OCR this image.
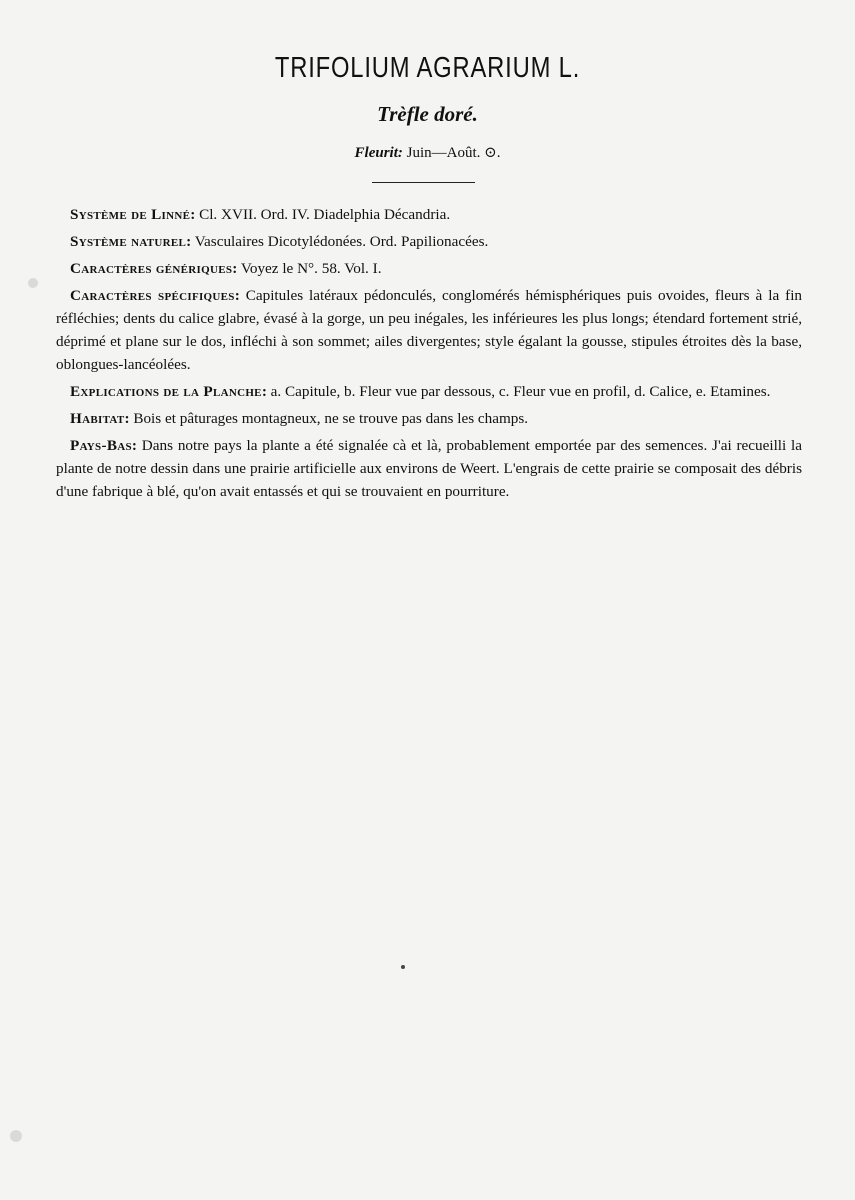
TRIFOLIUM AGRARIUM L.
Trèfle doré.
Fleurit: Juin—Août. ⊙.

Système de Linné: Cl. XVII. Ord. IV. Diadelphia Décandria.

Système naturel: Vasculaires Dicotylédonées. Ord. Papilionacées.

Caractères génériques: Voyez le N°. 58. Vol. I.

Caractères spécifiques: Capitules latéraux pédonculés, conglomérés hémisphériques puis ovoides, fleurs à la fin réfléchies; dents du calice glabre, évasé à la gorge, un peu inégales, les inférieures les plus longs; étendard fortement strié, déprimé et plane sur le dos, infléchi à son sommet; ailes divergentes; style égalant la gousse, stipules étroites dès la base, oblongues-lancéolées.

Explications de la Planche: a. Capitule, b. Fleur vue par dessous, c. Fleur vue en profil, d. Calice, e. Etamines.

Habitat: Bois et pâturages montagneux, ne se trouve pas dans les champs.

Pays-Bas: Dans notre pays la plante a été signalée cà et là, probablement emportée par des semences. J'ai recueilli la plante de notre dessin dans une prairie artificielle aux environs de Weert. L'engrais de cette prairie se composait des débris d'une fabrique à blé, qu'on avait entassés et qui se trouvaient en pourriture.
